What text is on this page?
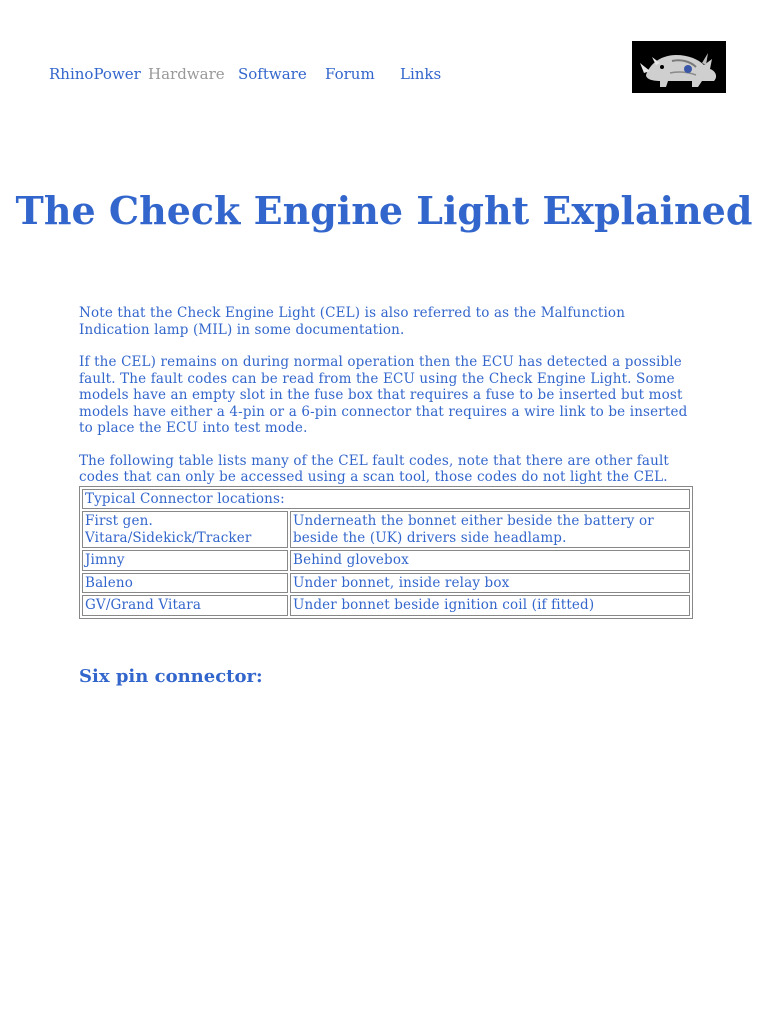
RhinoPower Hardware Software Forum Links
The Check Engine Light Explained

Note that the Check Engine Light (CEL) is also referred to as the Malfunction Indication lamp (MIL) in some documentation.

If the CEL) remains on during normal operation then the ECU has detected a possible fault. The fault codes can be read from the ECU using the Check Engine Light. Some models have an empty slot in the fuse box that requires a fuse to be inserted but most models have either a 4-pin or a 6-pin connector that requires a wire link to be inserted to place the ECU into test mode.

The following table lists many of the CEL fault codes, note that there are other fault codes that can only be accessed using a scan tool, those codes do not light the CEL.

Typical Connector locations:	
First gen. Vitara/Sidekick/Tracker	Underneath the bonnet either beside the battery or beside the (UK) drivers side headlamp.
Jimny	Behind glovebox
Baleno	Under bonnet, inside relay box
GV/Grand Vitara	Under bonnet beside ignition coil (if fitted)
Six pin connector:
